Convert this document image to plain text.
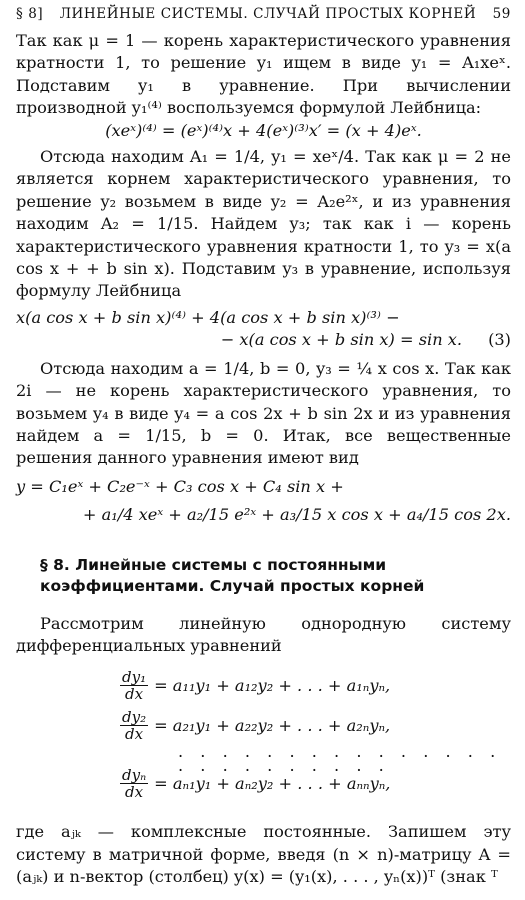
§ 8]	ЛИНЕЙНЫЕ СИСТЕМЫ. СЛУЧАЙ ПРОСТЫХ КОРНЕЙ	59

Так как μ = 1 — корень характеристического уравнения кратности 1, то решение y₁ ищем в виде y₁ = A₁xeˣ. Подставим y₁ в уравнение. При вычислении производной y₁⁽⁴⁾ воспользуемся формулой Лейбница:

(xeˣ)⁽⁴⁾ = (eˣ)⁽⁴⁾x + 4(eˣ)⁽³⁾x′ = (x + 4)eˣ.

Отсюда находим A₁ = 1/4, y₁ = xeˣ/4. Так как μ = 2 не является корнем характеристического уравнения, то решение y₂ возьмем в виде y₂ = A₂e²ˣ, и из уравнения находим A₂ = 1/15. Найдем y₃; так как i — корень характеристического уравнения кратности 1, то y₃ = x(a cos x + + b sin x). Подставим y₃ в уравнение, используя формулу Лейбница

x(a cos x + b sin x)⁽⁴⁾ + 4(a cos x + b sin x)⁽³⁾ −

− x(a cos x + b sin x) = sin x.	(3)

Отсюда находим a = 1/4, b = 0, y₃ = ¼ x cos x. Так как 2i — не корень характеристического уравнения, то возьмем y₄ в виде y₄ = a cos 2x + b sin 2x и из уравнения найдем a = 1/15, b = 0. Итак, все вещественные решения данного уравнения имеют вид

y = C₁eˣ + C₂e⁻ˣ + C₃ cos x + C₄ sin x +

+ a₁/4 xeˣ + a₂/15 e²ˣ + a₃/15 x cos x + a₄/15 cos 2x.

§ 8. Линейные системы с постоянными
коэффициентами. Случай простых корней

Рассмотрим линейную однородную систему дифференциальных уравнений

$\frac{\text{dy₁}}{dx} = a_{11}y_1 + a_{12}y_2$ + . . . + a₁ₙyₙ,
$\frac{\text{dy₂}}{dx} = a_{21}y_1 + a_{22}y_2$ + . . . + a₂ₙyₙ,
. . . . . . . . . . . . . . . . . . . . . . . . .
$\frac{\text{dyₙ}}{dx} = a_{n1}y_1 + a_{n2}y_2$ + . . . + aₙₙyₙ,

где aⱼₖ — комплексные постоянные. Запишем эту систему в матричной форме, введя (n × n)-матрицу A = (aⱼₖ) и n-вектор (столбец) y(x) = (y₁(x), . . . , yₙ(x))ᵀ (знак ᵀ
